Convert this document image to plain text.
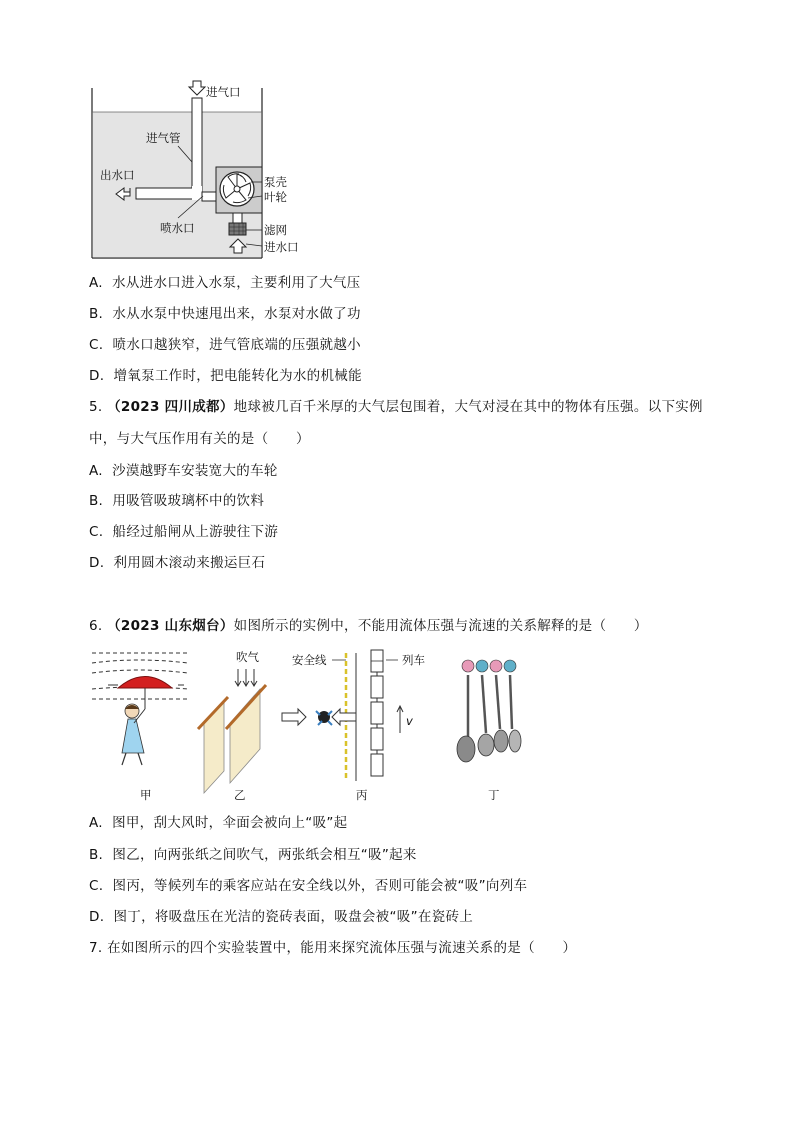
进气口
进气管
出水口	泵壳
叶轮
喷水口	滤网
进水口
A. 水从进水口进入水泵，主要利用了大气压
B. 水从水泵中快速甩出来，水泵对水做了功
C. 喷水口越狭窄，进气管底端的压强就越小
D. 增氧泵工作时，把电能转化为水的机械能
5. （2023 四川成都）地球被几百千米厚的大气层包围着，大气对浸在其中的物体有压强。以下实例
中，与大气压作用有关的是（　　）
A. 沙漠越野车安装宽大的车轮
B. 用吸管吸玻璃杯中的饮料
C. 船经过船闸从上游驶往下游
D. 利用圆木滚动来搬运巨石
6. （2023 山东烟台）如图所示的实例中，不能用流体压强与流速的关系解释的是（　　）
吹气	安全线	列车
v
甲	乙	丙	丁
A. 图甲，刮大风时，伞面会被向上“吸”起
B. 图乙，向两张纸之间吹气，两张纸会相互“吸”起来
C. 图丙，等候列车的乘客应站在安全线以外，否则可能会被“吸”向列车
D. 图丁，将吸盘压在光洁的瓷砖表面，吸盘会被“吸”在瓷砖上
7. 在如图所示的四个实验装置中，能用来探究流体压强与流速关系的是（　　）
